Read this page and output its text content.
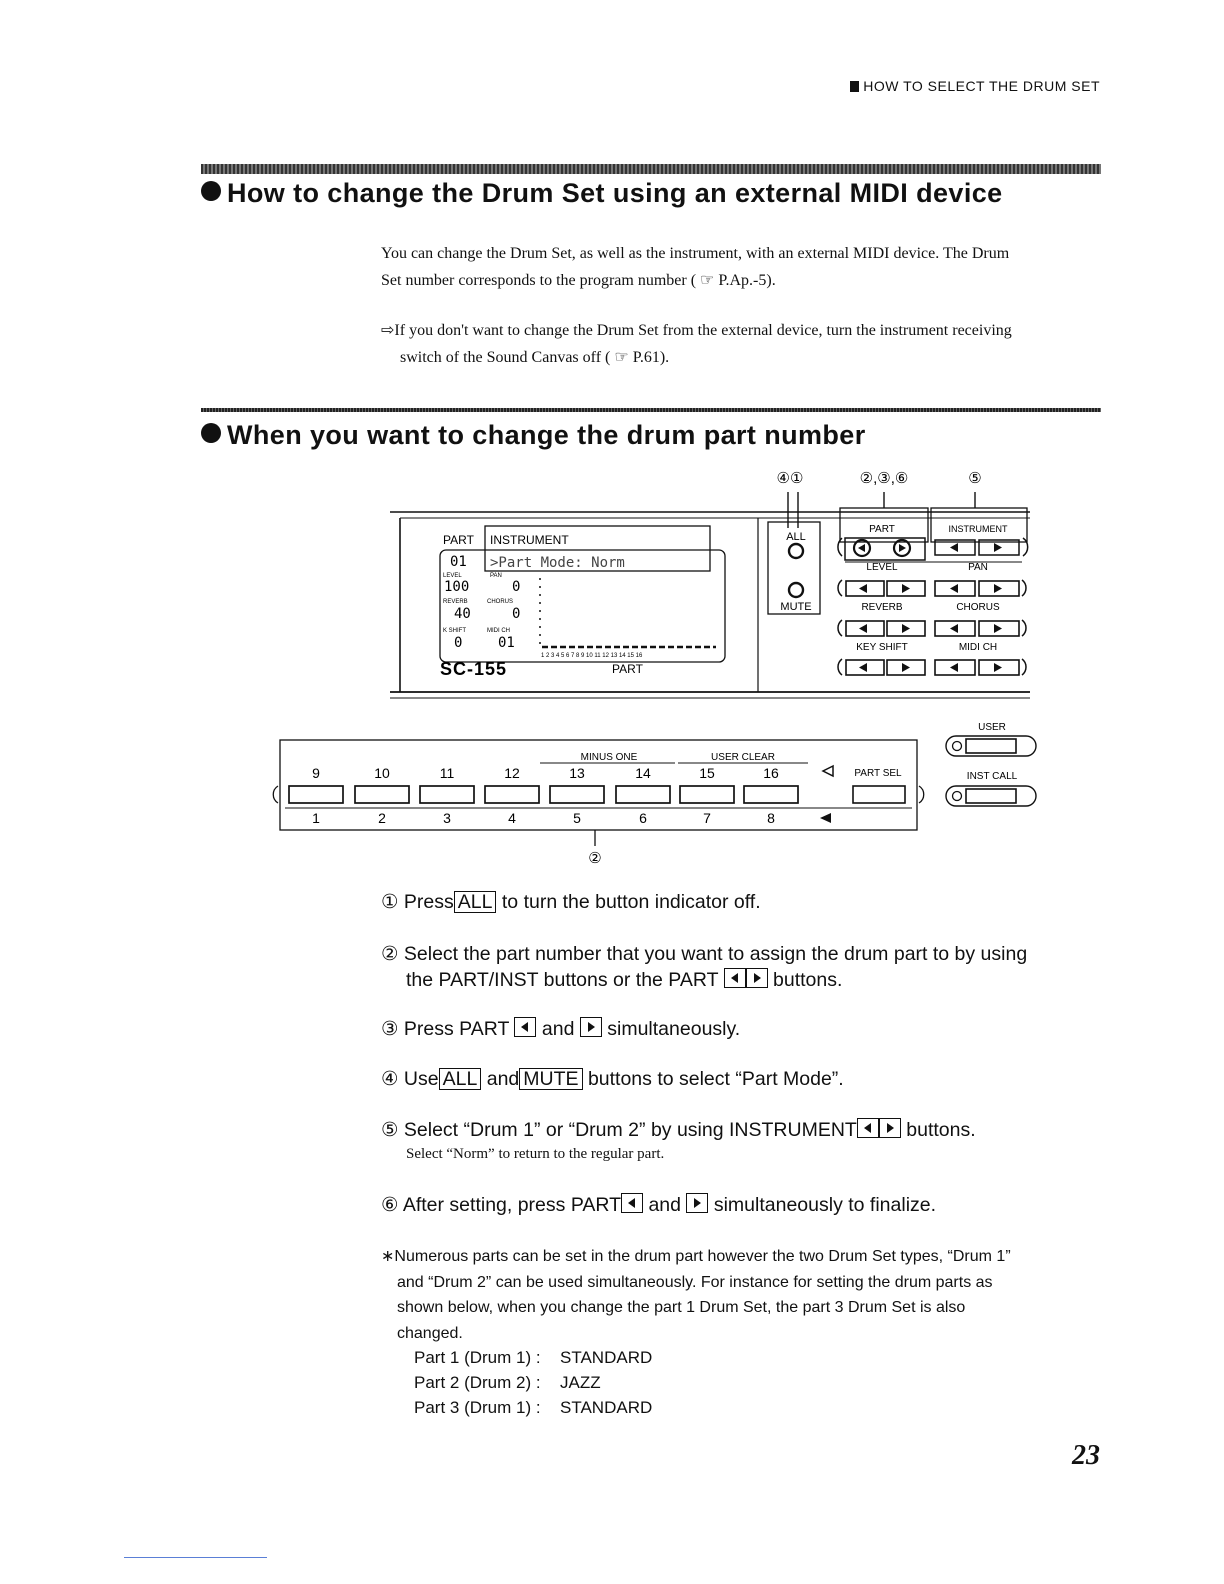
HOW TO SELECT THE DRUM SET
How to change the Drum Set using an external MIDI device
You can change the Drum Set, as well as the instrument, with an external MIDI device. The Drum
Set number corresponds to the program number ( ☞ P.Ap.-5).
⇨If you don't want to change the Drum Set from the external device, turn the instrument receiving
switch of the Sound Canvas off ( ☞ P.61).
When you want to change the drum part number
④①	②,③,⑥	⑤
PART INSTRUMENT
01 >Part Mode: Norm
LEVEL	PAN
100	0
REVERB	CHORUS
40	0
K SHIFT	MIDI CH
0	01
1 2 3 4 5 6 7 8 9 10 11 12 13 14 15 16
SC-155	PART
ALL
MUTE
PART	INSTRUMENT
LEVEL	PAN
REVERB	CHORUS
KEY SHIFT	MIDI CH
USER
INST CALL
MINUS ONE	USER CLEAR
9	10	11	12	13	14	15	16
1	2	3	4	5	6	7	8
PART SEL
②
① Press ALL to turn the button indicator off.
② Select the part number that you want to assign the drum part to by using
the PART/INST buttons or the PART	buttons.
③ Press PART and simultaneously.
④ Use ALL and MUTE buttons to select “Part Mode”.
⑤ Select “Drum 1” or “Drum 2” by using INSTRUMENT	buttons.
Select “Norm” to return to the regular part.
⑥ After setting, press PART and simultaneously to finalize.
∗Numerous parts can be set in the drum part however the two Drum Set types, “Drum 1”
and “Drum 2” can be used simultaneously. For instance for setting the drum parts as
shown below, when you change the part 1 Drum Set, the part 3 Drum Set is also
changed.
Part 1 (Drum 1) : STANDARD
Part 2 (Drum 2) : JAZZ
Part 3 (Drum 1) : STANDARD
23
